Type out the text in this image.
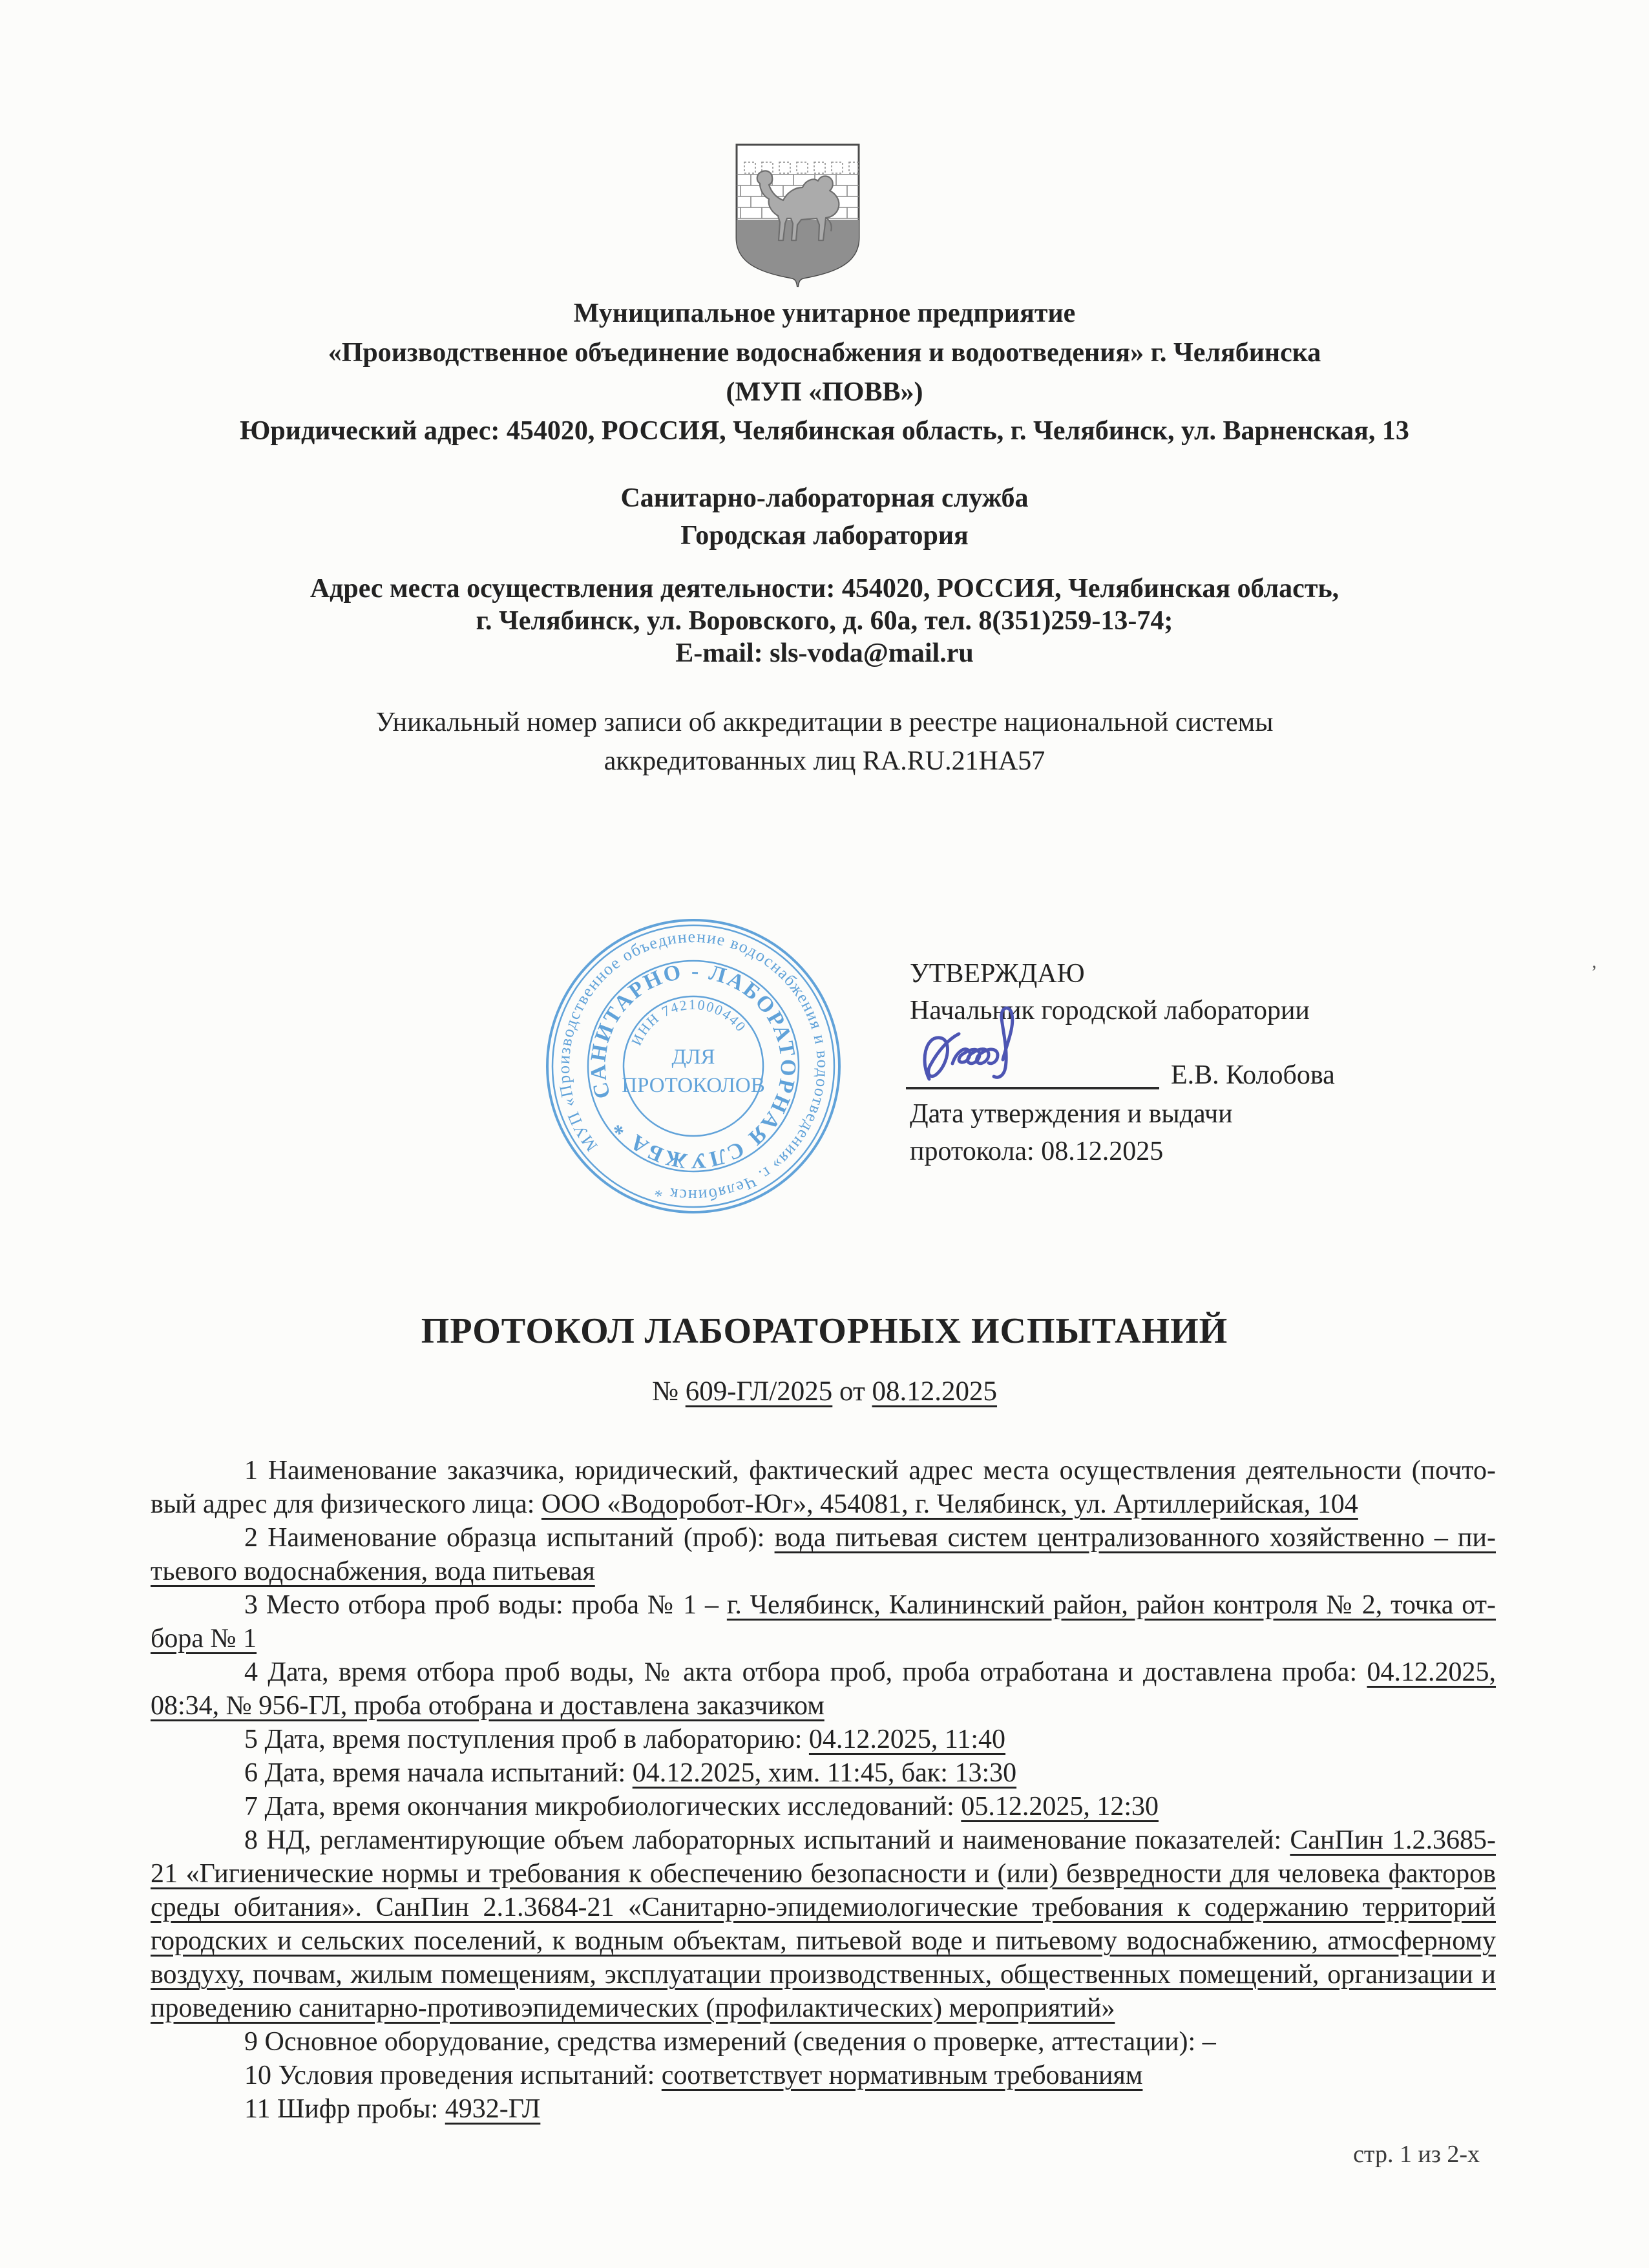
Муниципальное унитарное предприятие
«Производственное объединение водоснабжения и водоотведения» г. Челябинска
(МУП «ПОВВ»)
Юридический адрес: 454020, РОССИЯ, Челябинская область, г. Челябинск, ул. Варненская, 13
Санитарно-лабораторная служба
Городская лаборатория
Адрес места осуществления деятельности: 454020, РОССИЯ, Челябинская область,
г. Челябинск, ул. Воровского, д. 60а, тел. 8(351)259-13-74;
E-mail: sls-voda@mail.ru
Уникальный номер записи об аккредитации в реестре национальной системы
аккредитованных лиц RA.RU.21НА57
МУП «Производственное объединение водоснабжения и водоотведения» г. Челябинск *
САНИТАРНО - ЛАБОРАТОРНАЯ СЛУЖБА *
ИНН 7421000440
ДЛЯ
ПРОТОКОЛОВ
УТВЕРЖДАЮ
Начальник городской лаборатории
Е.В. Колобова
Дата утверждения и выдачи
протокола: 08.12.2025
’
ПРОТОКОЛ ЛАБОРАТОРНЫХ ИСПЫТАНИЙ
№ 609-ГЛ/2025 от 08.12.2025

1 Наименование заказчика, юридический, фактический адрес места осуществления деятельности (почтовый адрес для физического лица: ООО «Водоробот-Юг», 454081, г. Челябинск, ул. Артиллерийская, 104

2 Наименование образца испытаний (проб): вода питьевая систем централизованного хозяйственно – питьевого водоснабжения, вода питьевая

3 Место отбора проб воды: проба № 1 – г. Челябинск, Калининский район, район контроля № 2, точка отбора № 1

4 Дата, время отбора проб воды, № акта отбора проб, проба отработана и доставлена проба: 04.12.2025, 08:34, № 956-ГЛ, проба отобрана и доставлена заказчиком

5 Дата, время поступления проб в лабораторию: 04.12.2025, 11:40

6 Дата, время начала испытаний: 04.12.2025, хим. 11:45, бак: 13:30

7 Дата, время окончания микробиологических исследований: 05.12.2025, 12:30

8 НД, регламентирующие объем лабораторных испытаний и наименование показателей: СанПин 1.2.3685-21 «Гигиенические нормы и требования к обеспечению безопасности и (или) безвредности для человека факторов среды обитания». СанПин 2.1.3684-21 «Санитарно-эпидемиологические требования к содержанию территорий городских и сельских поселений, к водным объектам, питьевой воде и питьевому водоснабжению, атмосферному воздуху, почвам, жилым помещениям, эксплуатации производственных, общественных помещений, организации и проведению санитарно-противоэпидемических (профилактических) мероприятий»

9 Основное оборудование, средства измерений (сведения о проверке, аттестации): –

10 Условия проведения испытаний: соответствует нормативным требованиям

11 Шифр пробы: 4932-ГЛ

стр. 1 из 2-х
